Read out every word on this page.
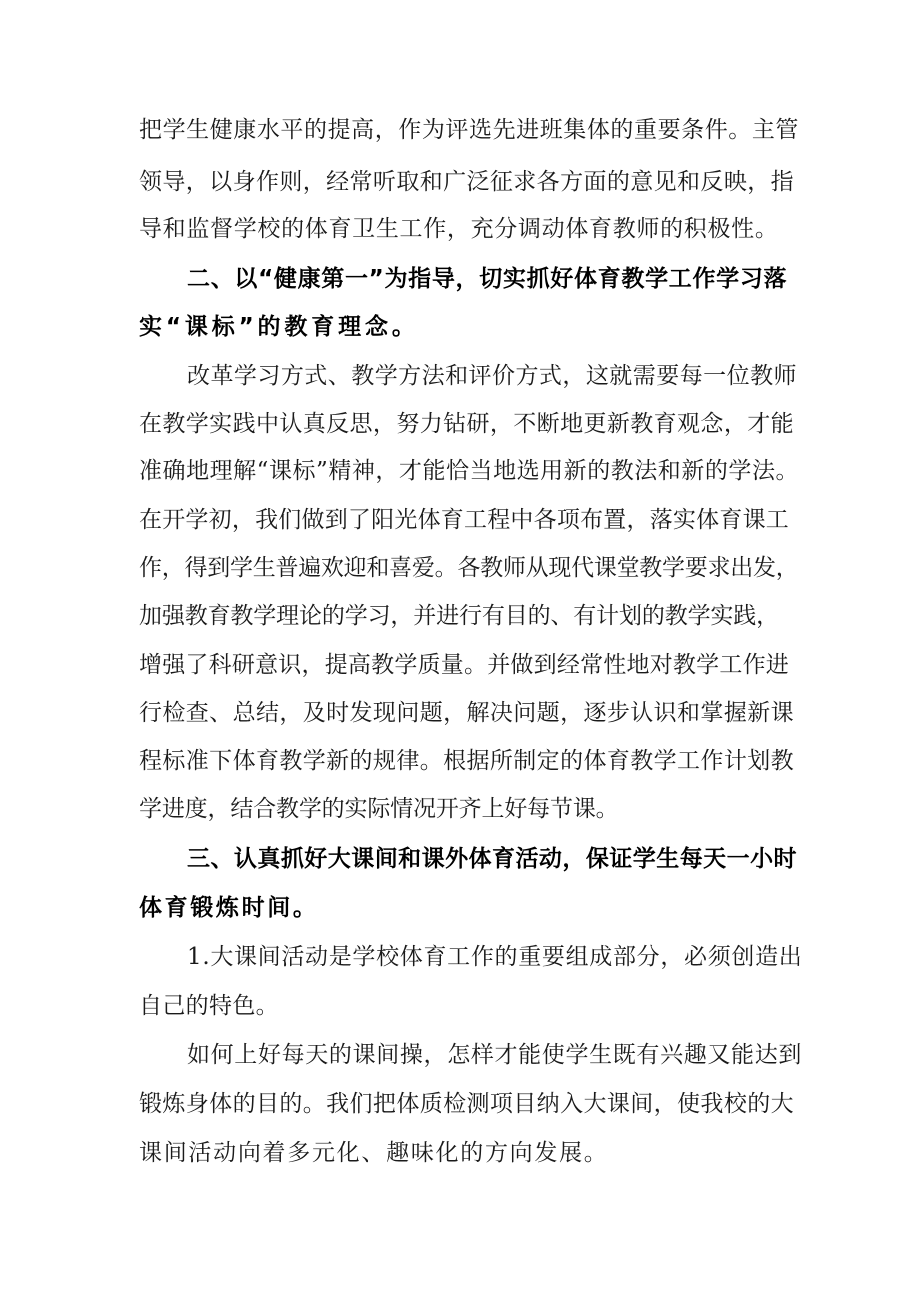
把学生健康水平的提高，作为评选先进班集体的重要条件。主管
领导，以身作则，经常听取和广泛征求各方面的意见和反映，指
导和监督学校的体育卫生工作，充分调动体育教师的积极性。
二、以“健康第一”为指导，切实抓好体育教学工作学习落
实“课标”的教育理念。
改革学习方式、教学方法和评价方式，这就需要每一位教师
在教学实践中认真反思，努力钻研，不断地更新教育观念，才能
准确地理解“课标”精神，才能恰当地选用新的教法和新的学法。
在开学初，我们做到了阳光体育工程中各项布置，落实体育课工
作，得到学生普遍欢迎和喜爱。各教师从现代课堂教学要求出发，
加强教育教学理论的学习，并进行有目的、有计划的教学实践，
增强了科研意识，提高教学质量。并做到经常性地对教学工作进
行检查、总结，及时发现问题，解决问题，逐步认识和掌握新课
程标准下体育教学新的规律。根据所制定的体育教学工作计划教
学进度，结合教学的实际情况开齐上好每节课。
三、认真抓好大课间和课外体育活动，保证学生每天一小时
体育锻炼时间。
1.大课间活动是学校体育工作的重要组成部分，必须创造出
自己的特色。
如何上好每天的课间操，怎样才能使学生既有兴趣又能达到
锻炼身体的目的。我们把体质检测项目纳入大课间，使我校的大
课间活动向着多元化、趣味化的方向发展。
